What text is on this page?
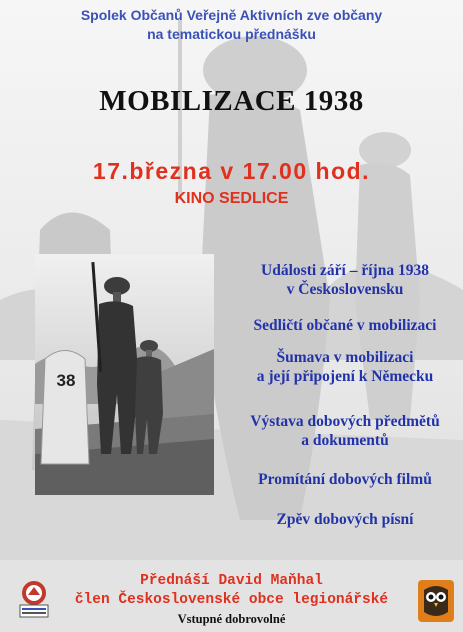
Spolek Občanů Veřejně Aktivních zve občany
na tematickou přednášku
MOBILIZACE 1938
17.března v 17.00 hod.
KINO SEDLICE
38
Události září – října 1938
v Československu
Sedličtí občané v mobilizaci
Šumava v mobilizaci
a její připojení k Německu
Výstava dobových předmětů
a dokumentů
Promítání dobových filmů
Zpěv dobových písní
Přednáší David Maňhal
člen Československé obce legionářské
Vstupné dobrovolné
